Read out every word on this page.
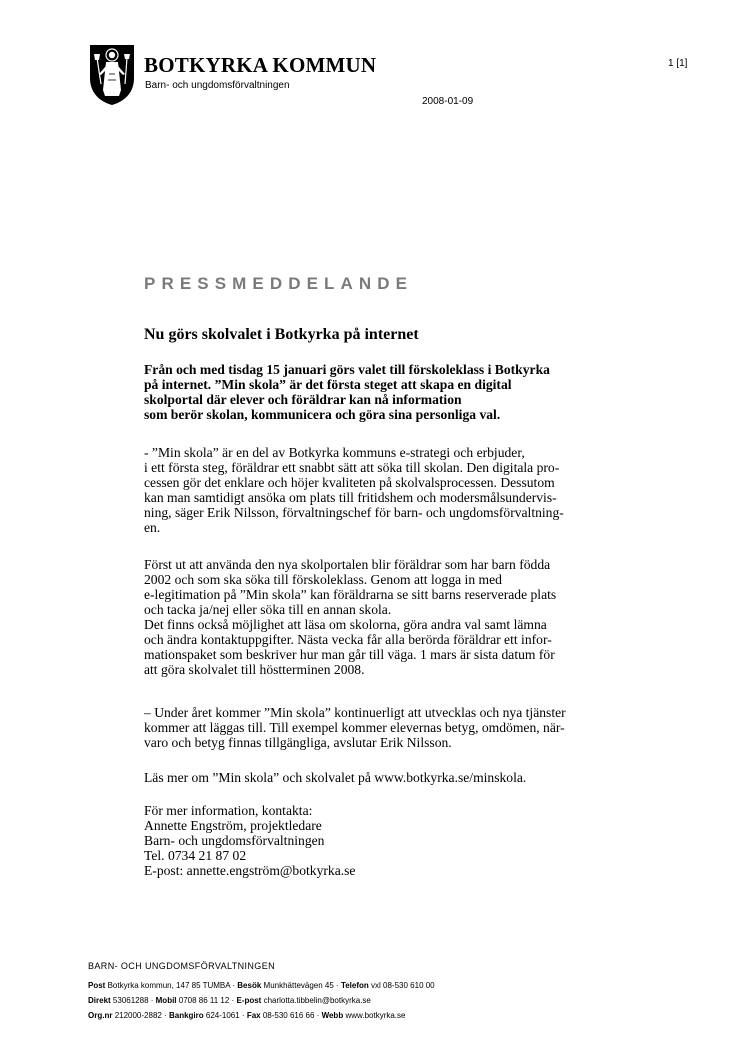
BOTKYRKA KOMMUN
Barn- och ungdomsförvaltningen
1 [1]
2008-01-09
PRESSMEDDELANDE
Nu görs skolvalet i Botkyrka på internet
Från och med tisdag 15 januari görs valet till förskoleklass i Botkyrka
på internet. ”Min skola” är det första steget att skapa en digital
skolportal där elever och föräldrar kan nå information
som berör skolan, kommunicera och göra sina personliga val.
- ”Min skola” är en del av Botkyrka kommuns e-strategi och erbjuder,
i ett första steg, föräldrar ett snabbt sätt att söka till skolan. Den digitala pro-
cessen gör det enklare och höjer kvaliteten på skolvalsprocessen. Dessutom
kan man samtidigt ansöka om plats till fritidshem och modersmålsundervis-
ning, säger Erik Nilsson, förvaltningschef för barn- och ungdomsförvaltning-
en.
Först ut att använda den nya skolportalen blir föräldrar som har barn födda
2002 och som ska söka till förskoleklass. Genom att logga in med
e-legitimation på ”Min skola” kan föräldrarna se sitt barns reserverade plats
och tacka ja/nej eller söka till en annan skola.
Det finns också möjlighet att läsa om skolorna, göra andra val samt lämna
och ändra kontaktuppgifter. Nästa vecka får alla berörda föräldrar ett infor-
mationspaket som beskriver hur man går till väga. 1 mars är sista datum för
att göra skolvalet till höstterminen 2008.
– Under året kommer ”Min skola” kontinuerligt att utvecklas och nya tjänster
kommer att läggas till. Till exempel kommer elevernas betyg, omdömen, när-
varo och betyg finnas tillgängliga, avslutar Erik Nilsson.
Läs mer om ”Min skola” och skolvalet på www.botkyrka.se/minskola.
För mer information, kontakta:
Annette Engström, projektledare
Barn- och ungdomsförvaltningen
Tel. 0734 21 87 02
E-post: annette.engström@botkyrka.se
BARN- OCH UNGDOMSFÖRVALTNINGEN
Post Botkyrka kommun, 147 85 TUMBA · Besök Munkhättevägen 45 · Telefon vxl 08-530 610 00
Direkt 53061288 · Mobil 0708 86 11 12 · E-post charlotta.tibbelin@botkyrka.se
Org.nr 212000-2882 · Bankgiro 624-1061 · Fax 08-530 616 66 · Webb www.botkyrka.se
